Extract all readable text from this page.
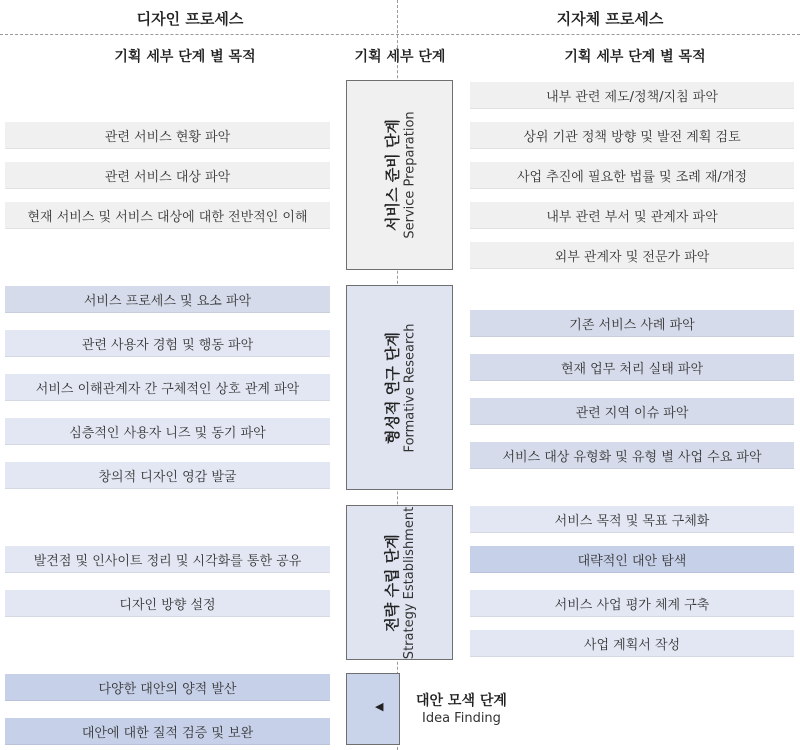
디자인 프로세스	지자체 프로세스
기획 세부 단계 별 목적	기획 세부 단계	기획 세부 단계 별 목적
서비스 준비 단계 Service Preparation
형성적 연구 단계 Formative Research
전략 수립 단계 Strategy Establishment
◀ 대안 모색 단계
Idea Finding
관련 서비스 현황 파악
관련 서비스 대상 파악
현재 서비스 및 서비스 대상에 대한 전반적인 이해
서비스 프로세스 및 요소 파악
관련 사용자 경험 및 행동 파악
서비스 이해관계자 간 구체적인 상호 관계 파악
심층적인 사용자 니즈 및 동기 파악
창의적 디자인 영감 발굴
발견점 및 인사이트 정리 및 시각화를 통한 공유
디자인 방향 설정
다양한 대안의 양적 발산
대안에 대한 질적 검증 및 보완
내부 관련 제도/정책/지침 파악
상위 기관 정책 방향 및 발전 계획 검토
사업 추진에 필요한 법률 및 조례 재/개정
내부 관련 부서 및 관계자 파악
외부 관계자 및 전문가 파악
기존 서비스 사례 파악
현재 업무 처리 실태 파악
관련 지역 이슈 파악
서비스 대상 유형화 및 유형 별 사업 수요 파악
서비스 목적 및 목표 구체화
대략적인 대안 탐색
서비스 사업 평가 체계 구축
사업 계획서 작성
